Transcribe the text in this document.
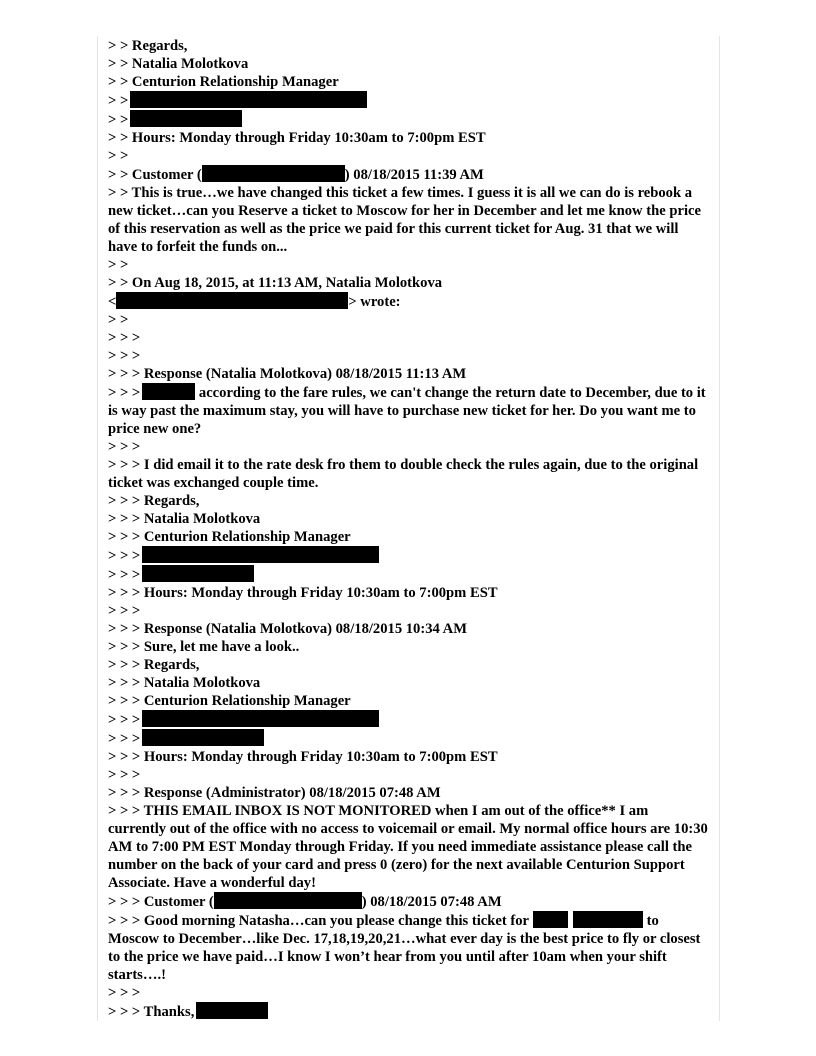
> > Regards,
> > Natalia Molotkova
> > Centurion Relationship Manager
> >
> >
> > Hours: Monday through Friday 10:30am to 7:00pm EST
> >
> > Customer (	) 08/18/2015 11:39 AM
> > This is true…we have changed this ticket a few times. I guess it is all we can do is rebook a new ticket…can you Reserve a ticket to Moscow for her in December and let me know the price of this reservation as well as the price we paid for this current ticket for Aug. 31 that we will have to forfeit the funds on...
> >
> > On Aug 18, 2015, at 11:13 AM, Natalia Molotkova
<	> wrote:
> >
> > >
> > >
> > > Response (Natalia Molotkova) 08/18/2015 11:13 AM
> > >	according to the fare rules, we can't change the return date to December, due to it is way past the maximum stay, you will have to purchase new ticket for her. Do you want me to price new one?
> > >
> > > I did email it to the rate desk fro them to double check the rules again, due to the original ticket was exchanged couple time.
> > > Regards,
> > > Natalia Molotkova
> > > Centurion Relationship Manager
> > >
> > >
> > > Hours: Monday through Friday 10:30am to 7:00pm EST
> > >
> > > Response (Natalia Molotkova) 08/18/2015 10:34 AM
> > > Sure, let me have a look..
> > > Regards,
> > > Natalia Molotkova
> > > Centurion Relationship Manager
> > >
> > >
> > > Hours: Monday through Friday 10:30am to 7:00pm EST
> > >
> > > Response (Administrator) 08/18/2015 07:48 AM
> > > THIS EMAIL INBOX IS NOT MONITORED when I am out of the office** I am currently out of the office with no access to voicemail or email. My normal office hours are 10:30 AM to 7:00 PM EST Monday through Friday. If you need immediate assistance please call the number on the back of your card and press 0 (zero) for the next available Centurion Support Associate. Have a wonderful day!
> > > Customer (	) 08/18/2015 07:48 AM
> > > Good morning Natasha…can you please change this ticket for	to Moscow to December…like Dec. 17,18,19,20,21…what ever day is the best price to fly or closest to the price we have paid…I know I won’t hear from you until after 10am when your shift starts….!
> > >
> > > Thanks,
